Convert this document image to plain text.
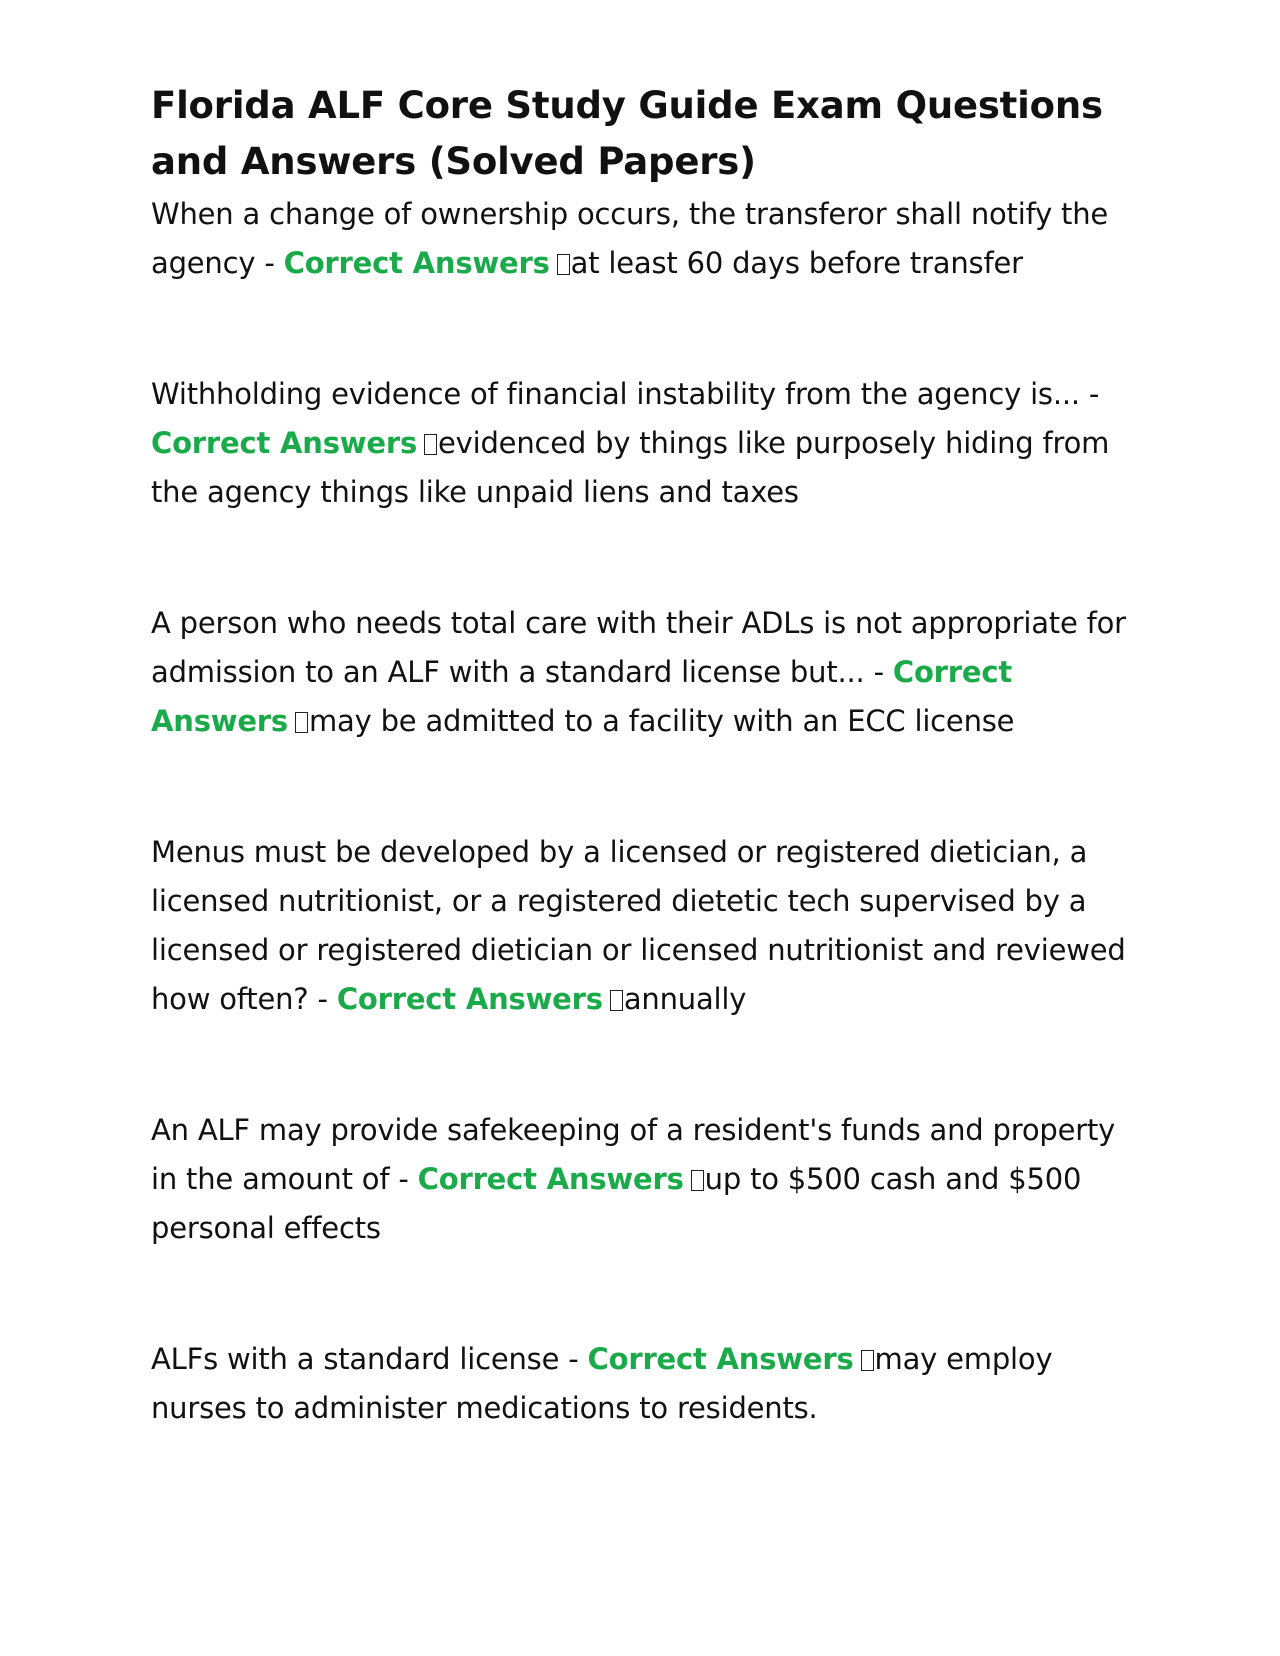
Florida ALF Core Study Guide Exam Questions and Answers (Solved Papers)

When a change of ownership occurs, the transferor shall notify the agency - Correct Answers at least 60 days before transfer

Withholding evidence of financial instability from the agency is... - Correct Answers evidenced by things like purposely hiding from the agency things like unpaid liens and taxes

A person who needs total care with their ADLs is not appropriate for admission to an ALF with a standard license but... - Correct Answers may be admitted to a facility with an ECC license

Menus must be developed by a licensed or registered dietician, a licensed nutritionist, or a registered dietetic tech supervised by a licensed or registered dietician or licensed nutritionist and reviewed how often? - Correct Answers annually

An ALF may provide safekeeping of a resident's funds and property in the amount of - Correct Answers up to $500 cash and $500 personal effects

ALFs with a standard license - Correct Answers may employ nurses to administer medications to residents.
